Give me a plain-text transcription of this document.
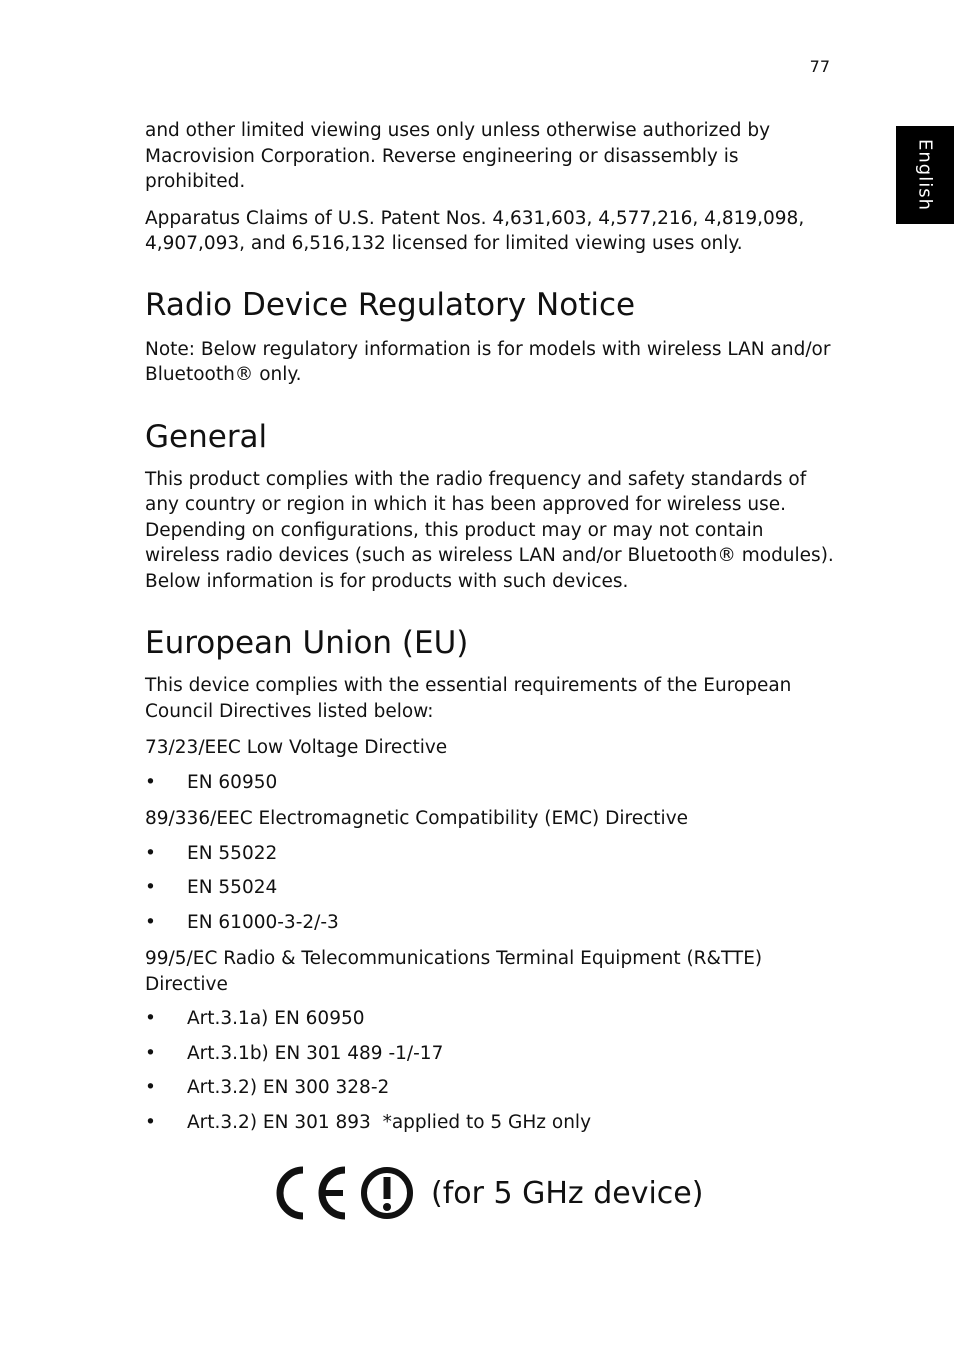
77
English

and other limited viewing uses only unless otherwise authorized by Macrovision Corporation. Reverse engineering or disassembly is prohibited.

Apparatus Claims of U.S. Patent Nos. 4,631,603, 4,577,216, 4,819,098, 4,907,093, and 6,516,132 licensed for limited viewing uses only.

Radio Device Regulatory Notice

Note: Below regulatory information is for models with wireless LAN and/or Bluetooth® only.

General

This product complies with the radio frequency and safety standards of any country or region in which it has been approved for wireless use. Depending on configurations, this product may or may not contain wireless radio devices (such as wireless LAN and/or Bluetooth® modules). Below information is for products with such devices.

European Union (EU)

This device complies with the essential requirements of the European Council Directives listed below:

73/23/EEC Low Voltage Directive

• EN 60950

89/336/EEC Electromagnetic Compatibility (EMC) Directive

• EN 55022
• EN 55024
• EN 61000-3-2/-3

99/5/EC Radio & Telecommunications Terminal Equipment (R&TTE) Directive

• Art.3.1a) EN 60950
• Art.3.1b) EN 301 489 -1/-17
• Art.3.2) EN 300 328-2
• Art.3.2) EN 301 893  *applied to 5 GHz only
(for 5 GHz device)
